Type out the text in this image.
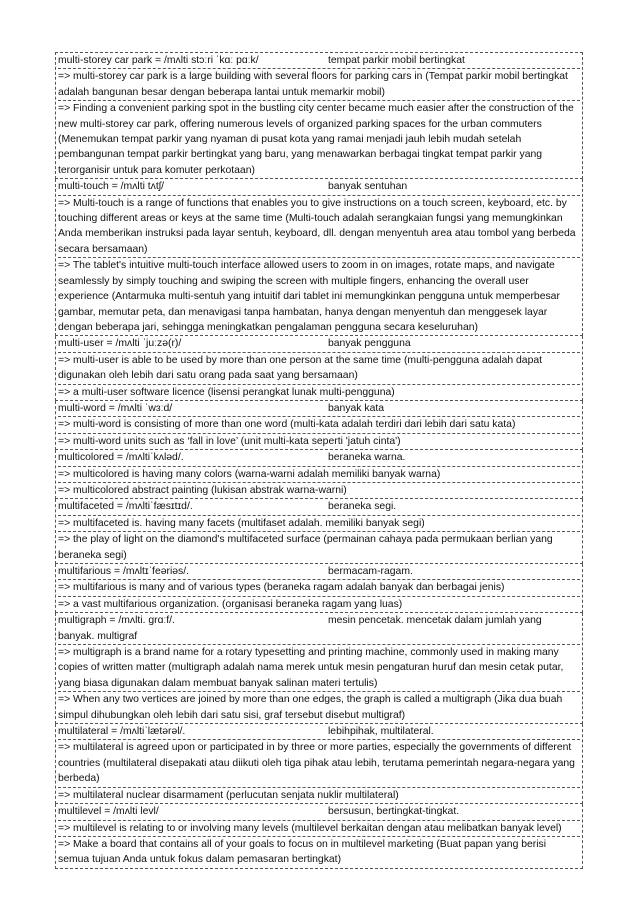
multi-storey car park = /mʌlti stɔːri ˈkɑː pɑːk/	tempat parkir mobil bertingkat
=> multi-storey car park is a large building with several floors for parking cars in (Tempat parkir mobil bertingkat adalah bangunan besar dengan beberapa lantai untuk memarkir mobil)
=> Finding a convenient parking spot in the bustling city center became much easier after the construction of the new multi-storey car park, offering numerous levels of organized parking spaces for the urban commuters (Menemukan tempat parkir yang nyaman di pusat kota yang ramai menjadi jauh lebih mudah setelah pembangunan tempat parkir bertingkat yang baru, yang menawarkan berbagai tingkat tempat parkir yang terorganisir untuk para komuter perkotaan)
multi-touch = /mʌlti tʌtʃ/	banyak sentuhan
=> Multi-touch is a range of functions that enables you to give instructions on a touch screen, keyboard, etc. by touching different areas or keys at the same time (Multi-touch adalah serangkaian fungsi yang memungkinkan Anda memberikan instruksi pada layar sentuh, keyboard, dll. dengan menyentuh area atau tombol yang berbeda secara bersamaan)
=> The tablet's intuitive multi-touch interface allowed users to zoom in on images, rotate maps, and navigate seamlessly by simply touching and swiping the screen with multiple fingers, enhancing the overall user experience (Antarmuka multi-sentuh yang intuitif dari tablet ini memungkinkan pengguna untuk memperbesar gambar, memutar peta, dan menavigasi tanpa hambatan, hanya dengan menyentuh dan menggesek layar dengan beberapa jari, sehingga meningkatkan pengalaman pengguna secara keseluruhan)
multi-user = /mʌlti ˈjuːzə(r)/	banyak pengguna
=> multi-user is able to be used by more than one person at the same time (multi-pengguna adalah dapat digunakan oleh lebih dari satu orang pada saat yang bersamaan)
=> a multi-user software licence (lisensi perangkat lunak multi-pengguna)
multi-word = /mʌlti ˈwɜːd/	banyak kata
=> multi-word is consisting of more than one word (multi-kata adalah terdiri dari lebih dari satu kata)
=> multi-word units such as ‘fall in love’ (unit multi-kata seperti 'jatuh cinta')
multicolored = /mʌltiˈkʌləd/.	beraneka warna.
=> multicolored is having many colors (warna-warni adalah memiliki banyak warna)
=> multicolored abstract painting (lukisan abstrak warna-warni)
multifaceted = /mʌltiˈfæsɪtɪd/.	beraneka segi.
=> multifaceted is. having many facets (multifaset adalah. memiliki banyak segi)
=> the play of light on the diamond's multifaceted surface (permainan cahaya pada permukaan berlian yang beraneka segi)
multifarious = /mʌltɪˈfeəriəs/.	bermacam-ragam.
=> multifarious is many and of various types (beraneka ragam adalah banyak dan berbagai jenis)
=> a vast multifarious organization. (organisasi beraneka ragam yang luas)
multigraph = /mʌlti. ɡrɑːf/.	mesin pencetak. mencetak dalam jumlah yang
banyak. multigraf
=> multigraph is a brand name for a rotary typesetting and printing machine, commonly used in making many copies of written matter (multigraph adalah nama merek untuk mesin pengaturan huruf dan mesin cetak putar, yang biasa digunakan dalam membuat banyak salinan materi tertulis)
=> When any two vertices are joined by more than one edges, the graph is called a multigraph (Jika dua buah simpul dihubungkan oleh lebih dari satu sisi, graf tersebut disebut multigraf)
multilateral = /mʌltiˈlætərəl/.	lebihpihak, multilateral.
=> multilateral is agreed upon or participated in by three or more parties, especially the governments of different countries (multilateral disepakati atau diikuti oleh tiga pihak atau lebih, terutama pemerintah negara-negara yang berbeda)
=> multilateral nuclear disarmament (perlucutan senjata nuklir multilateral)
multilevel = /mʌlti levl/	bersusun, bertingkat-tingkat.
=> multilevel is relating to or involving many levels (multilevel berkaitan dengan atau melibatkan banyak level)
=> Make a board that contains all of your goals to focus on in multilevel marketing (Buat papan yang berisi semua tujuan Anda untuk fokus dalam pemasaran bertingkat)
